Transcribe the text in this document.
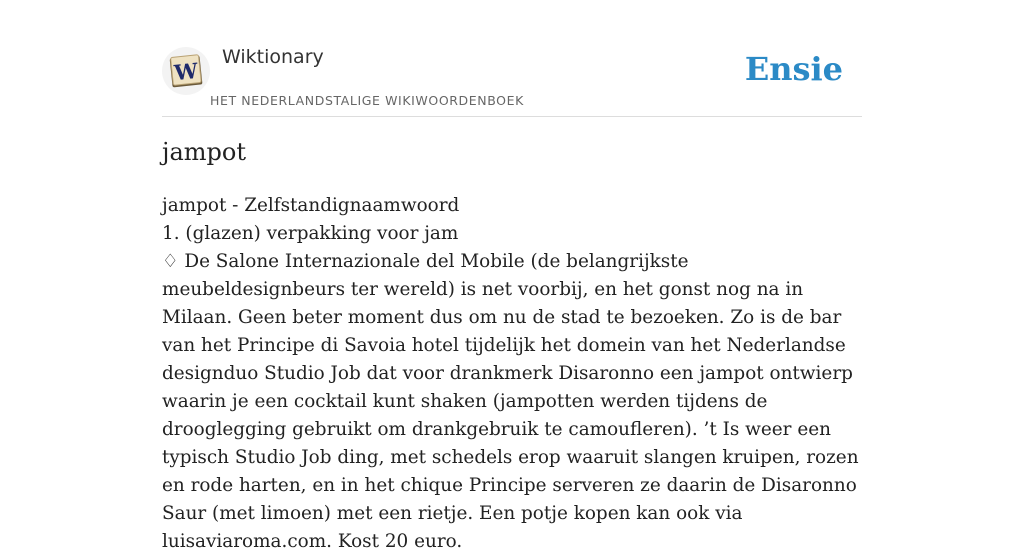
W
Wiktionary
HET NEDERLANDSTALIGE WIKIWOORDENBOEK
Ensie
jampot

jampot - Zelfstandignaamwoord

1. (glazen) verpakking voor jam

♢ De Salone Internazionale del Mobile (de belangrijkste meubeldesignbeurs ter wereld) is net voorbij, en het gonst nog na in Milaan. Geen beter moment dus om nu de stad te bezoeken. Zo is de bar van het Principe di Savoia hotel tijdelijk het domein van het Nederlandse designduo Studio Job dat voor drankmerk Disaronno een jampot ontwierp waarin je een cocktail kunt shaken (jampotten werden tijdens de drooglegging gebruikt om drankgebruik te camoufleren). ’t Is weer een typisch Studio Job ding, met schedels erop waaruit slangen kruipen, rozen en rode harten, en in het chique Principe serveren ze daarin de Disaronno Saur (met limoen) met een rietje. Een potje kopen kan ook via luisaviaroma.com. Kost 20 euro.
